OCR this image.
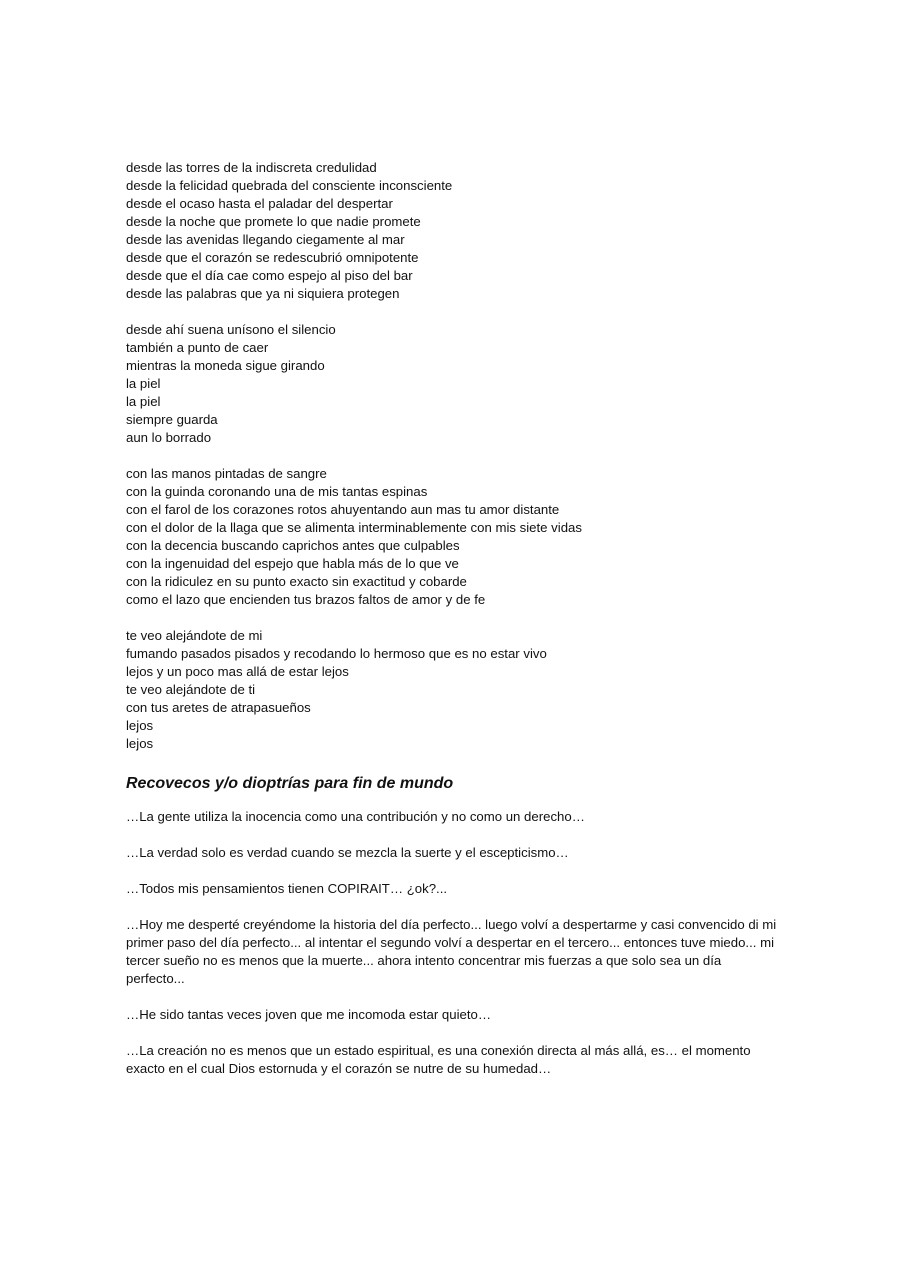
desde las torres de la indiscreta credulidad
desde la felicidad quebrada del consciente inconsciente
desde el ocaso hasta el paladar del despertar
desde la noche que promete lo que nadie promete
desde las avenidas llegando ciegamente al mar
desde que el corazón se redescubrió omnipotente
desde que el día cae como espejo al piso del bar
desde las palabras que ya ni siquiera protegen
desde ahí suena unísono el silencio
también a punto de caer
mientras la moneda sigue girando
la piel
la piel
siempre guarda
aun lo borrado
con las manos pintadas de sangre
con la guinda coronando una de mis tantas espinas
con el farol de los corazones rotos ahuyentando aun mas tu amor distante
con el dolor de la llaga que se alimenta interminablemente con mis siete vidas
con la decencia buscando caprichos antes que culpables
con la ingenuidad del espejo que habla más de lo que ve
con la ridiculez en su punto exacto sin exactitud y cobarde
como el lazo que encienden tus brazos faltos de amor y de fe
te veo alejándote de mi
fumando pasados pisados y recodando lo hermoso que es no estar vivo
lejos y un poco mas allá de estar lejos
te veo alejándote de ti
con tus aretes de atrapasueños
lejos
lejos
Recovecos y/o dioptrías para fin de mundo
…La gente utiliza la inocencia como una contribución y no como un derecho…
…La verdad solo es verdad cuando se mezcla la suerte y el escepticismo…
…Todos mis pensamientos tienen COPIRAIT… ¿ok?...
…Hoy me desperté creyéndome la historia del día perfecto... luego volví a despertarme y casi convencido di mi primer paso del día perfecto... al intentar el segundo volví a despertar en el tercero... entonces tuve miedo... mi tercer sueño no es menos que la muerte... ahora intento concentrar mis fuerzas a que solo sea un día perfecto...
…He sido tantas veces joven que me incomoda estar quieto…
…La creación no es menos que un estado espiritual, es una conexión directa al más allá, es… el momento exacto en el cual Dios estornuda y el corazón se nutre de su humedad…
